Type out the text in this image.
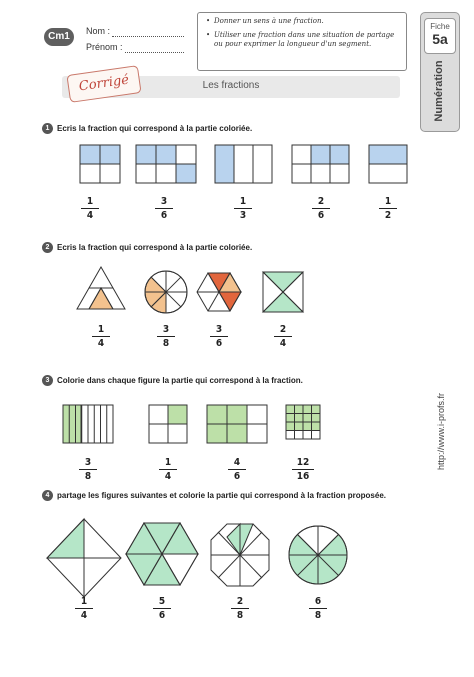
Cm1	Nom :
Prénom :
• Donner un sens à une fraction.
• Utiliser une fraction dans une situation de partage ou pour exprimer la longueur d'un segment.
Fiche
5a
Numération
Les fractions
Corrigé
1 Ecris la fraction qui correspond à la partie coloriée.
2 Ecris la fraction qui correspond à la partie coloriée.
3 Colorie dans chaque figure la partie qui correspond à la fraction.
4 partage les figures suivantes et colorie la partie qui correspond à la fraction proposée.
1
4
3
6
1
3
2
6
1
2
1
4
3
8
3
6
2
4
3
8
1
4
4
6
12
16
1
4
5
6
2
8
6
8
http://www.i-profs.fr
